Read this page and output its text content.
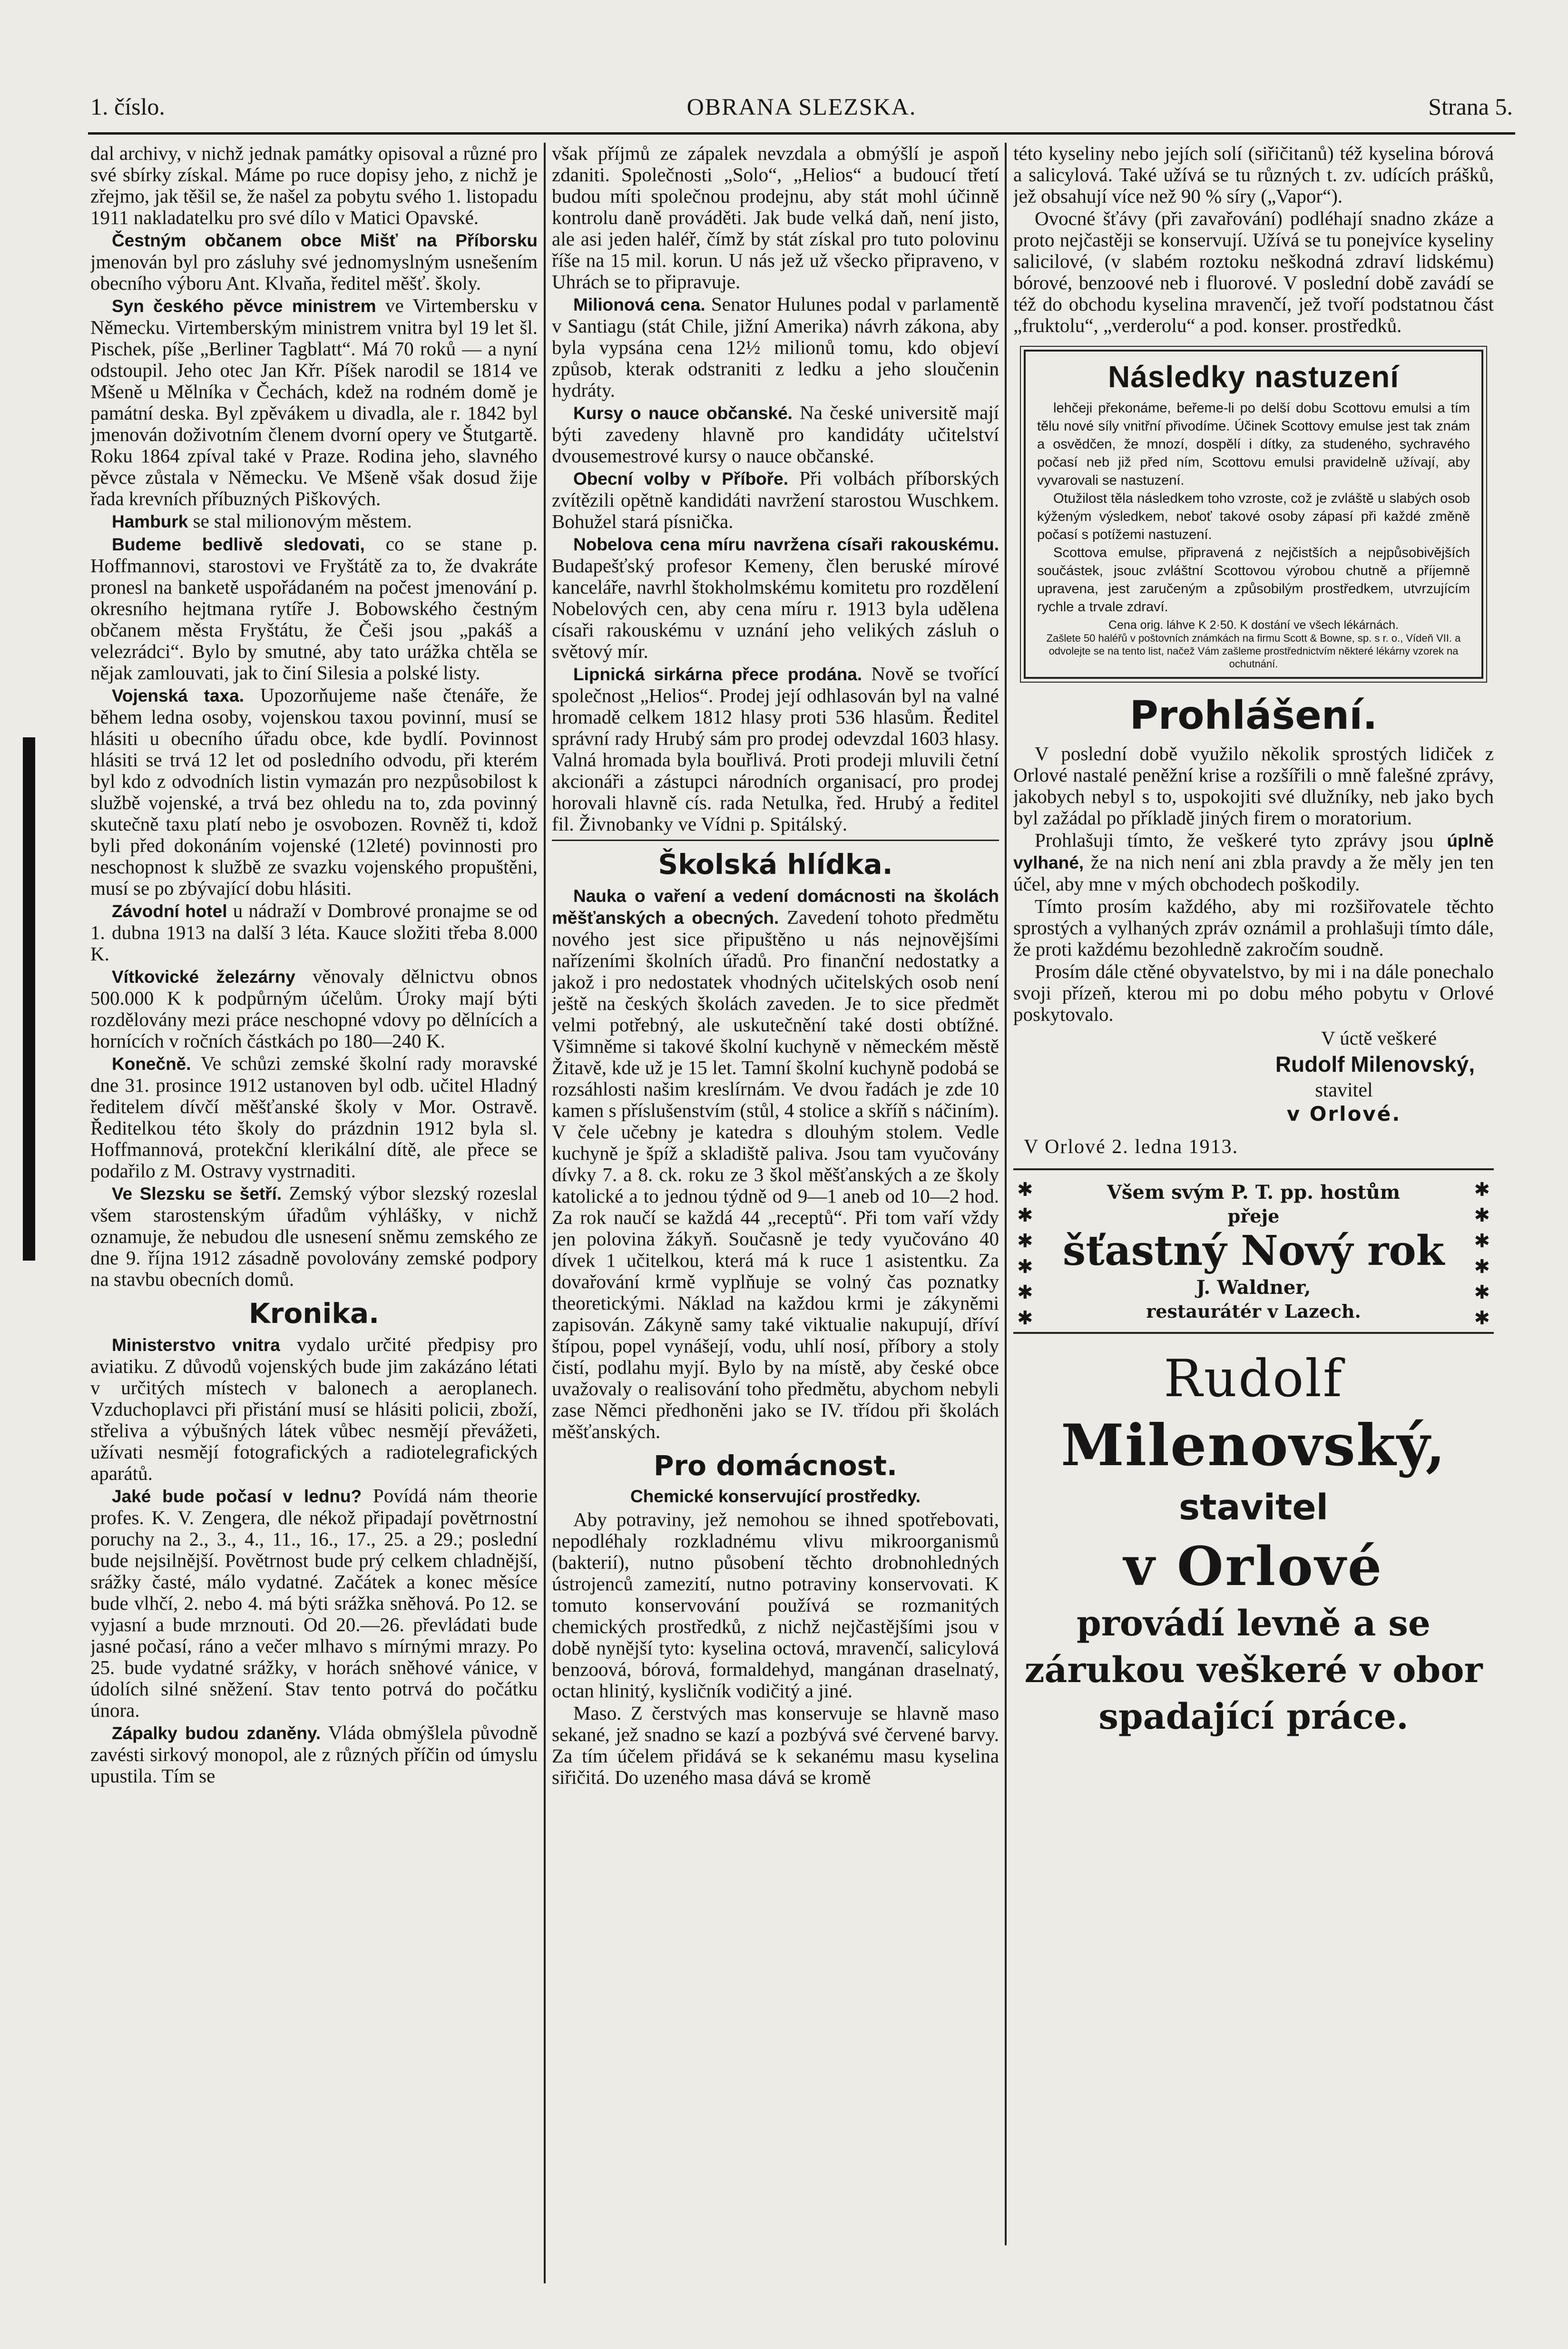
1. číslo.	OBRANA SLEZSKA.	Strana 5.

dal archivy, v nichž jednak památky opisoval a různé pro své sbírky získal. Máme po ruce dopisy jeho, z nichž je zřejmo, jak těšil se, že našel za pobytu svého 1. listopadu 1911 nakladatelku pro své dílo v Matici Opavské.

Čestným občanem obce Mišť na Příborsku jmenován byl pro zásluhy své jednomyslným usnešením obecního výboru Ant. Klvaňa, ředitel měšť. školy.

Syn českého pěvce ministrem ve Virtembersku v Německu. Virtemberským ministrem vnitra byl 19 let šl. Pischek, píše „Berliner Tagblatt“. Má 70 roků — a nyní odstoupil. Jeho otec Jan Křr. Píšek narodil se 1814 ve Mšeně u Mělníka v Čechách, kdež na rodném domě je památní deska. Byl zpěvákem u divadla, ale r. 1842 byl jmenován doživotním členem dvorní opery ve Štutgartě. Roku 1864 zpíval také v Praze. Rodina jeho, slavného pěvce zůstala v Německu. Ve Mšeně však dosud žije řada krevních příbuzných Piškových.

Hamburk se stal milionovým městem.

Budeme bedlivě sledovati, co se stane p. Hoffmannovi, starostovi ve Fryštátě za to, že dvakráte pronesl na banketě uspořádaném na počest jmenování p. okresního hejtmana rytíře J. Bobowského čestným občanem města Fryštátu, že Češi jsou „pakáš a velezrádci“. Bylo by smutné, aby tato urážka chtěla se nějak zamlouvati, jak to činí Silesia a polské listy.

Vojenská taxa. Upozorňujeme naše čtenáře, že během ledna osoby, vojenskou taxou povinní, musí se hlásiti u obecního úřadu obce, kde bydlí. Povinnost hlásiti se trvá 12 let od posledního odvodu, při kterém byl kdo z odvodních listin vymazán pro nezpůsobilost k službě vojenské, a trvá bez ohledu na to, zda povinný skutečně taxu platí nebo je osvobozen. Rovněž ti, kdož byli před dokonáním vojenské (12leté) povinnosti pro neschopnost k službě ze svazku vojenského propuštěni, musí se po zbývající dobu hlásiti.

Závodní hotel u nádraží v Dombrové pronajme se od 1. dubna 1913 na další 3 léta. Kauce složiti třeba 8.000 K.

Vítkovické železárny věnovaly dělnictvu obnos 500.000 K k podpůrným účelům. Úroky mají býti rozdělovány mezi práce neschopné vdovy po dělnících a hornících v ročních částkách po 180—240 K.

Konečně. Ve schůzi zemské školní rady moravské dne 31. prosince 1912 ustanoven byl odb. učitel Hladný ředitelem dívčí měšťanské školy v Mor. Ostravě. Ředitelkou této školy do prázdnin 1912 byla sl. Hoffmannová, protekční klerikální dítě, ale přece se podařilo z M. Ostravy vystrnaditi.

Ve Slezsku se šetří. Zemský výbor slezský rozeslal všem starostenským úřadům výhlášky, v nichž oznamuje, že nebudou dle usnesení sněmu zemského ze dne 9. října 1912 zásadně povolovány zemské podpory na stavbu obecních domů.

Kronika.

Ministerstvo vnitra vydalo určité předpisy pro aviatiku. Z důvodů vojenských bude jim zakázáno létati v určitých místech v balonech a aeroplanech. Vzduchoplavci při přistání musí se hlásiti policii, zboží, střeliva a výbušných látek vůbec nesmějí převážeti, užívati nesmějí fotografických a radiotelegrafických aparátů.

Jaké bude počasí v lednu? Povídá nám theorie profes. K. V. Zengera, dle nékož připadají povětrnostní poruchy na 2., 3., 4., 11., 16., 17., 25. a 29.; poslední bude nejsilnější. Povětrnost bude prý celkem chladnější, srážky časté, málo vydatné. Začátek a konec měsíce bude vlhčí, 2. nebo 4. má býti srážka sněhová. Po 12. se vyjasní a bude mrznouti. Od 20.—26. převládati bude jasné počasí, ráno a večer mlhavo s mírnými mrazy. Po 25. bude vydatné srážky, v horách sněhové vánice, v údolích silné sněžení. Stav tento potrvá do počátku února.

Zápalky budou zdaněny. Vláda obmýšlela původně zavésti sirkový monopol, ale z různých příčin od úmyslu upustila. Tím se

však příjmů ze zápalek nevzdala a obmýšlí je aspoň zdaniti. Společnosti „Solo“, „Helios“ a budoucí třetí budou míti společnou prodejnu, aby stát mohl účinně kontrolu daně prováděti. Jak bude velká daň, není jisto, ale asi jeden haléř, čímž by stát získal pro tuto polovinu říše na 15 mil. korun. U nás jež už všecko připraveno, v Uhrách se to připravuje.

Milionová cena. Senator Hulunes podal v parlamentě v Santiagu (stát Chile, jižní Amerika) návrh zákona, aby byla vypsána cena 12½ milionů tomu, kdo objeví způsob, kterak odstraniti z ledku a jeho sloučenin hydráty.

Kursy o nauce občanské. Na české universitě mají býti zavedeny hlavně pro kandidáty učitelství dvousemestrové kursy o nauce občanské.

Obecní volby v Příboře. Při volbách příborských zvítězili opětně kandidáti navržení starostou Wuschkem. Bohužel stará písnička.

Nobelova cena míru navržena císaři rakouskému. Budapešťský profesor Kemeny, člen beruské mírové kanceláře, navrhl štokholmskému komitetu pro rozdělení Nobelových cen, aby cena míru r. 1913 byla udělena císaři rakouskému v uznání jeho velikých zásluh o světový mír.

Lipnická sirkárna přece prodána. Nově se tvořící společnost „Helios“. Prodej její odhlasován byl na valné hromadě celkem 1812 hlasy proti 536 hlasům. Ředitel správní rady Hrubý sám pro prodej odevzdal 1603 hlasy. Valná hromada byla bouřlivá. Proti prodeji mluvili četní akcionáři a zástupci národních organisací, pro prodej horovali hlavně cís. rada Netulka, řed. Hrubý a ředitel fil. Živnobanky ve Vídni p. Spitálský.

Školská hlídka.

Nauka o vaření a vedení domácnosti na školách měšťanských a obecných. Zavedení tohoto předmětu nového jest sice připuštěno u nás nejnovějšími nařízeními školních úřadů. Pro finanční nedostatky a jakož i pro nedostatek vhodných učitelských osob není ještě na českých školách zaveden. Je to sice předmět velmi potřebný, ale uskutečnění také dosti obtížné. Všimněme si takové školní kuchyně v německém městě Žitavě, kde už je 15 let. Tamní školní kuchyně podobá se rozsáhlosti našim kreslírnám. Ve dvou řadách je zde 10 kamen s příslušenstvím (stůl, 4 stolice a skříň s náčiním). V čele učebny je katedra s dlouhým stolem. Vedle kuchyně je špíž a skladiště paliva. Jsou tam vyučovány dívky 7. a 8. ck. roku ze 3 škol měšťanských a ze školy katolické a to jednou týdně od 9—1 aneb od 10—2 hod. Za rok naučí se každá 44 „receptů“. Při tom vaří vždy jen polovina žákyň. Současně je tedy vyučováno 40 dívek 1 učitelkou, která má k ruce 1 asistentku. Za dovařování krmě vyplňuje se volný čas poznatky theoretickými. Náklad na každou krmi je zákyněmi zapisován. Zákyně samy také viktualie nakupují, dříví štípou, popel vynášejí, vodu, uhlí nosí, příbory a stoly čistí, podlahu myjí. Bylo by na místě, aby české obce uvažovaly o realisování toho předmětu, abychom nebyli zase Němci předhoněni jako se IV. třídou při školách měšťanských.

Pro domácnost.
Chemické konservující prostředky.

Aby potraviny, jež nemohou se ihned spotřebovati, nepodléhaly rozkladnému vlivu mikroorganismů (bakterií), nutno působení těchto drobnohledných ústrojenců zamezití, nutno potraviny konservovati. K tomuto konservování používá se rozmanitých chemických prostředků, z nichž nejčastějšími jsou v době nynější tyto: kyselina octová, mravenčí, salicylová benzoová, bórová, formaldehyd, mangánan draselnatý, octan hlinitý, kysličník vodičitý a jiné.

Maso. Z čerstvých mas konservuje se hlavně maso sekané, jež snadno se kazí a pozbývá své červené barvy. Za tím účelem přidává se k sekanému masu kyselina siřičitá. Do uzeného masa dává se kromě

této kyseliny nebo jejích solí (siřičitanů) též kyselina bórová a salicylová. Také užívá se tu různých t. zv. udících prášků, jež obsahují více než 90 % síry („Vapor“).

Ovocné šťávy (při zavařování) podléhají snadno zkáze a proto nejčastěji se konservují. Užívá se tu ponejvíce kyseliny salicilové, (v slabém roztoku neškodná zdraví lidskému) bórové, benzoové neb i fluorové. V poslední době zavádí se též do obchodu kyselina mravenčí, jež tvoří podstatnou část „fruktolu“, „verderolu“ a pod. konser. prostředků.

Následky nastuzení

lehčeji překonáme, beřeme-li po delší dobu Scottovu emulsi a tím tělu nové síly vnitřní přivodíme. Účinek Scottovy emulse jest tak znám a osvědčen, že mnozí, dospělí i dítky, za studeného, sychravého počasí neb již před ním, Scottovu emulsi pravidelně užívají, aby vyvarovali se nastuzení.

Otužilost těla následkem toho vzroste, což je zvláště u slabých osob kýženým výsledkem, neboť takové osoby zápasí při každé změně počasí s potížemi nastuzení.

Scottova emulse, připravená z nejčistších a nejpůsobivějších součástek, jsouc zvláštní Scottovou výrobou chutně a příjemně upravena, jest zaručeným a způsobilým prostředkem, utvrzujícím rychle a trvale zdraví.

Cena orig. láhve K 2·50. K dostání ve všech lékárnách.

Zašlete 50 haléřů v poštovních známkách na firmu Scott & Bowne, sp. s r. o., Vídeň VII. a odvolejte se na tento list, načež Vám zašleme prostřednictvím některé lékárny vzorek na ochutnání.

Prohlášení.

V poslední době využilo několik sprostých lidiček z Orlové nastalé peněžní krise a rozšířili o mně falešné zprávy, jakobych nebyl s to, uspokojiti své dlužníky, neb jako bych byl zažádal po příkladě jiných firem o moratorium.

Prohlašuji tímto, že veškeré tyto zprávy jsou úplně vylhané, že na nich není ani zbla pravdy a že měly jen ten účel, aby mne v mých obchodech poškodily.

Tímto prosím každého, aby mi rozšiřovatele těchto sprostých a vylhaných zpráv oznámil a prohlašuji tímto dále, že proti každému bezohledně zakročím soudně.

Prosím dále ctěné obyvatelstvo, by mi i na dále ponechalo svoji přízeň, kterou mi po dobu mého pobytu v Orlové poskytovalo.

V úctě veškeré
Rudolf Milenovský,
stavitel
v Orlové.
V Orlové 2. ledna 1913.
✱
✱
✱
✱
✱
✱
✱
✱
✱
✱
✱
✱
Všem svým P. T. pp. hostům
přeje
šťastný Nový rok
J. Waldner,
restaurátér v Lazech.
Rudolf
Milenovský,
stavitel
v Orlové
provádí levně a se zárukou veškeré v obor spadající práce.
